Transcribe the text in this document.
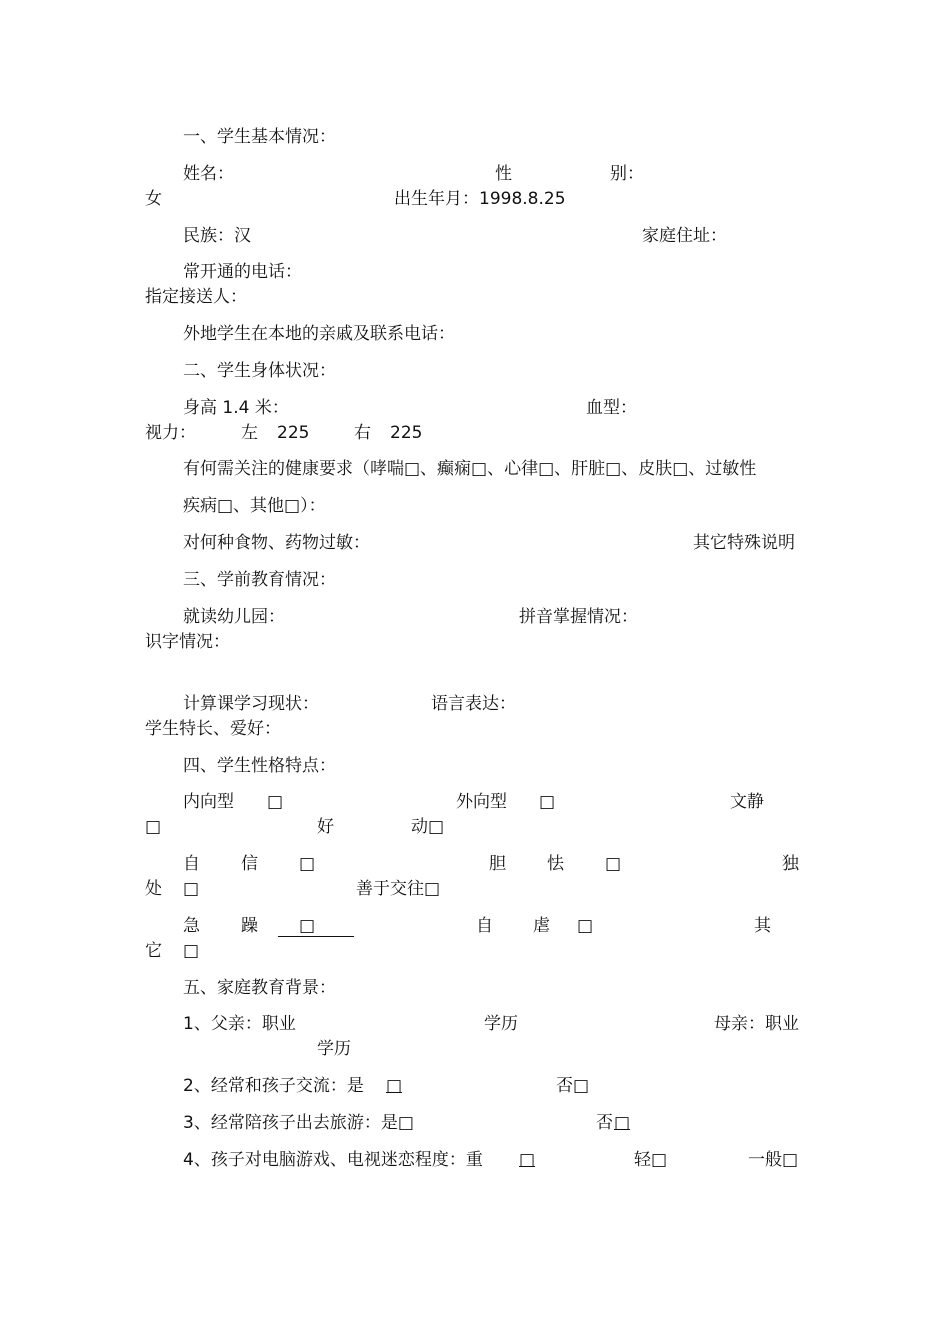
一、学生基本情况：
姓名：	性	别：
女	出生年月：1998.8.25
民族：汉	家庭住址：
常开通的电话：
指定接送人：
外地学生在本地的亲戚及联系电话：
二、学生身体状况：
身高 1.4 米：	血型：
视力：	左 225	右 225
有何需关注的健康要求（哮喘□、癫痫□、心律□、肝脏□、皮肤□、过敏性
疾病□、其他□）：
对何种食物、药物过敏：	其它特殊说明
三、学前教育情况：
就读幼儿园：	拼音掌握情况：
识字情况：
计算课学习现状：	语言表达：
学生特长、爱好：
四、学生性格特点：
内向型 □	外向型 □	文静
□	好	动□
自 信 □	胆 怯 □	独
处 □	善于交往□
急 躁 □	自 虐 □	其
它 □
五、家庭教育背景：
1、父亲：职业	学历	母亲：职业
学历
2、经常和孩子交流：是 □	否□
3、经常陪孩子出去旅游：是□	否 □
4、孩子对电脑游戏、电视迷恋程度：重 □	轻□	一般□
